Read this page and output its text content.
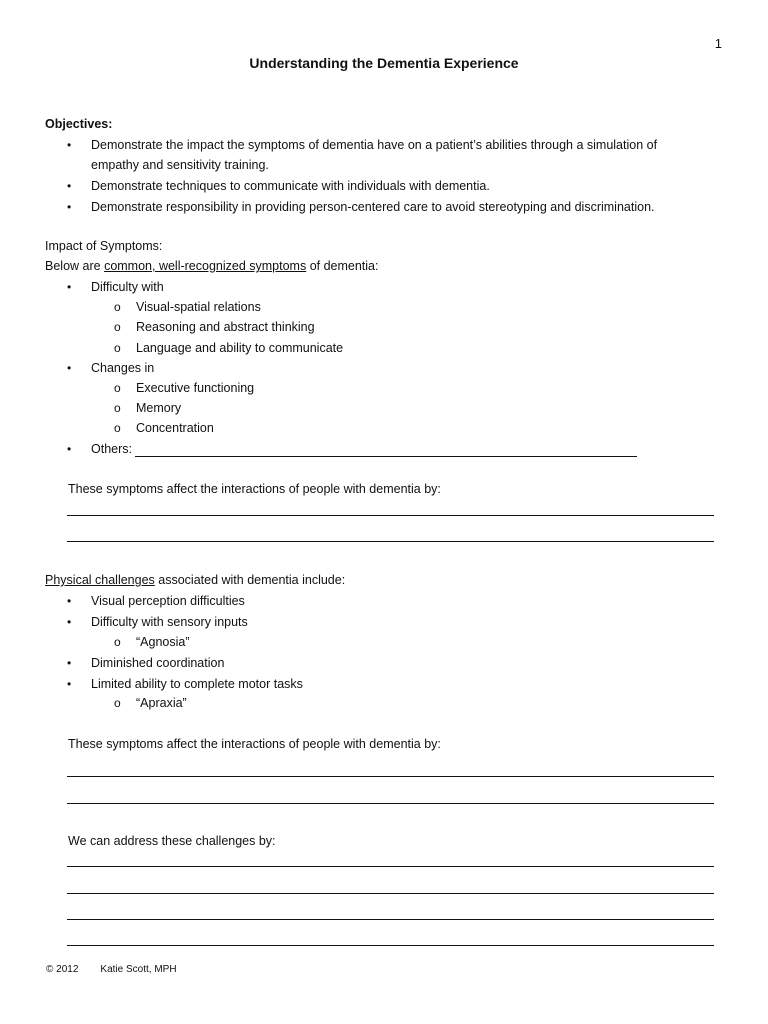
1
Understanding the Dementia Experience
Objectives:
• Demonstrate the impact the symptoms of dementia have on a patient’s abilities through a simulation of
empathy and sensitivity training.
• Demonstrate techniques to communicate with individuals with dementia.
• Demonstrate responsibility in providing person-centered care to avoid stereotyping and discrimination.
Impact of Symptoms:
Below are common, well-recognized symptoms of dementia:
• Difficulty with
o Visual-spatial relations
o Reasoning and abstract thinking
o Language and ability to communicate
• Changes in
o Executive functioning
o Memory
o Concentration
• Others:
These symptoms affect the interactions of people with dementia by:
Physical challenges associated with dementia include:
• Visual perception difficulties
• Difficulty with sensory inputs
o “Agnosia”
• Diminished coordination
• Limited ability to complete motor tasks
o “Apraxia”
These symptoms affect the interactions of people with dementia by:
We can address these challenges by:
© 2012 Katie Scott, MPH
